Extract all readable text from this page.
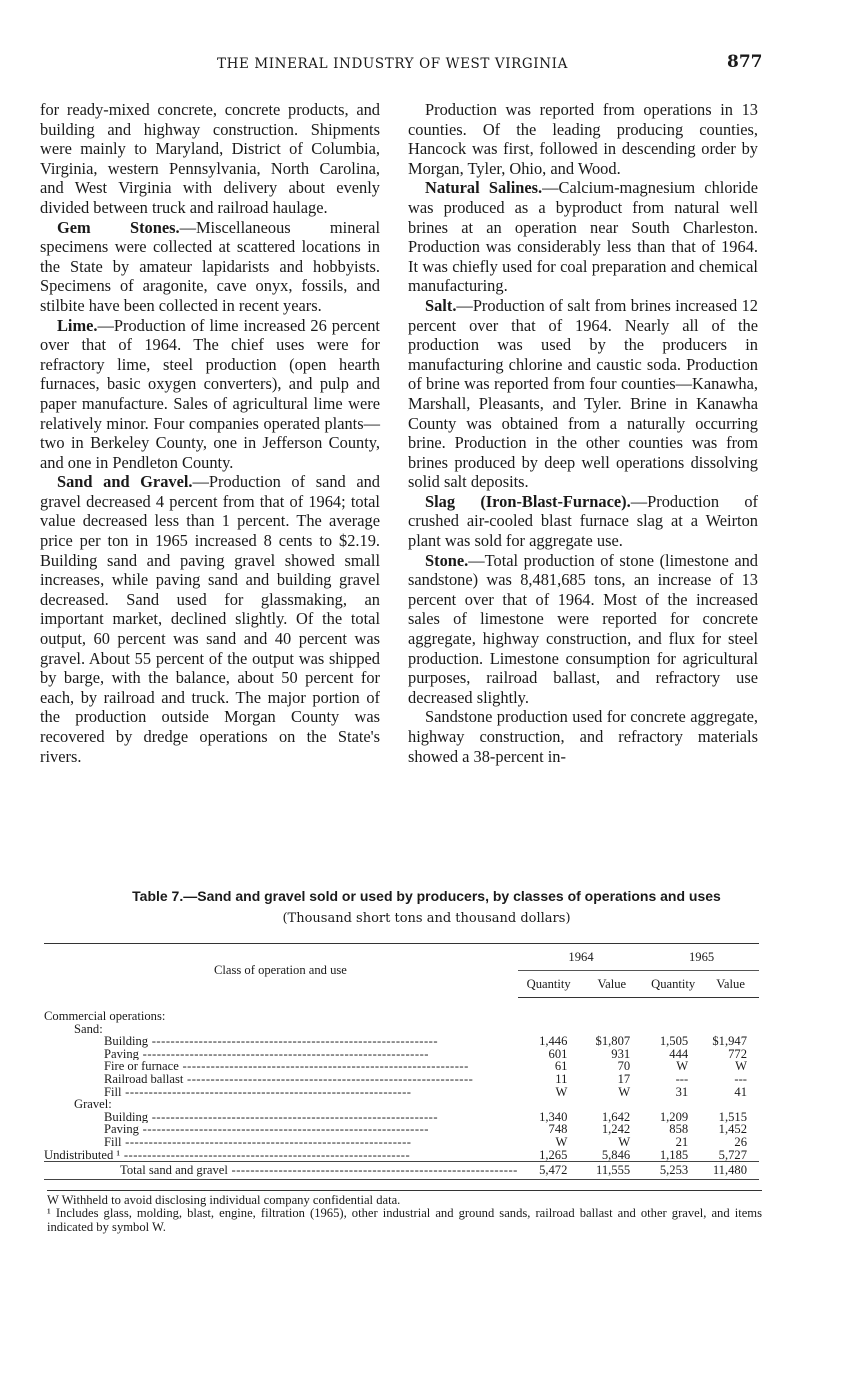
THE MINERAL INDUSTRY OF WEST VIRGINIA	877

for ready-mixed concrete, concrete products, and building and highway construction. Shipments were mainly to Maryland, District of Columbia, Virginia, western Pennsylvania, North Carolina, and West Virginia with delivery about evenly divided between truck and railroad haulage.

Gem Stones.—Miscellaneous mineral specimens were collected at scattered locations in the State by amateur lapidarists and hobbyists. Specimens of aragonite, cave onyx, fossils, and stilbite have been collected in recent years.

Lime.—Production of lime increased 26 percent over that of 1964. The chief uses were for refractory lime, steel production (open hearth furnaces, basic oxygen converters), and pulp and paper manufacture. Sales of agricultural lime were relatively minor. Four companies operated plants—two in Berkeley County, one in Jefferson County, and one in Pendleton County.

Sand and Gravel.—Production of sand and gravel decreased 4 percent from that of 1964; total value decreased less than 1 percent. The average price per ton in 1965 increased 8 cents to $2.19. Building sand and paving gravel showed small increases, while paving sand and building gravel decreased. Sand used for glassmaking, an important market, declined slightly. Of the total output, 60 percent was sand and 40 percent was gravel. About 55 percent of the output was shipped by barge, with the balance, about 50 percent for each, by railroad and truck. The major portion of the production outside Morgan County was recovered by dredge operations on the State's rivers.

Production was reported from operations in 13 counties. Of the leading producing counties, Hancock was first, followed in descending order by Morgan, Tyler, Ohio, and Wood.

Natural Salines.—Calcium-magnesium chloride was produced as a byproduct from natural well brines at an operation near South Charleston. Production was considerably less than that of 1964. It was chiefly used for coal preparation and chemical manufacturing.

Salt.—Production of salt from brines increased 12 percent over that of 1964. Nearly all of the production was used by the producers in manufacturing chlorine and caustic soda. Production of brine was reported from four counties—Kanawha, Marshall, Pleasants, and Tyler. Brine in Kanawha County was obtained from a naturally occurring brine. Production in the other counties was from brines produced by deep well operations dissolving solid salt deposits.

Slag (Iron-Blast-Furnace).—Production of crushed air-cooled blast furnace slag at a Weirton plant was sold for aggregate use.

Stone.—Total production of stone (limestone and sandstone) was 8,481,685 tons, an increase of 13 percent over that of 1964. Most of the increased sales of limestone were reported for concrete aggregate, highway construction, and flux for steel production. Limestone consumption for agricultural purposes, railroad ballast, and refractory use decreased slightly.

Sandstone production used for concrete aggregate, highway construction, and refractory materials showed a 38-percent in-

Table 7.—Sand and gravel sold or used by producers, by classes of operations and uses
(Thousand short tons and thousand dollars)
Class of operation and use	1964		1965	
	Quantity	Value	Quantity	Value

Commercial operations:				

Sand:				

Building -----	1,446	$1,807	1,505	$1,947

Paving -----	601	931	444	772

Fire or furnace -----	61	70	W	W

Railroad ballast -----	11	17	---	---

Fill -----	W	W	31	41

Gravel:				

Building -----	1,340	1,642	1,209	1,515

Paving -----	748	1,242	858	1,452

Fill -----	W	W	21	26

Undistributed ¹ -----	1,265	5,846	1,185	5,727

Total sand and gravel -----	5,472	11,555	5,253	11,480

W Withheld to avoid disclosing individual company confidential data.

¹ Includes glass, molding, blast, engine, filtration (1965), other industrial and ground sands, railroad ballast and other gravel, and items indicated by symbol W.
